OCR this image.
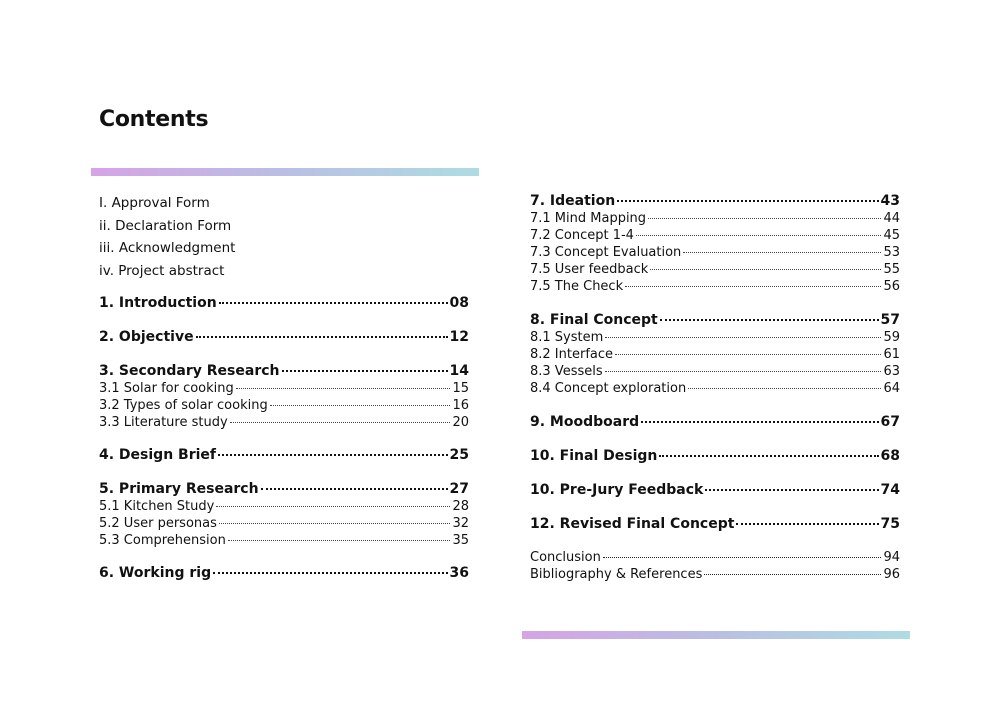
Contents
I. Approval Form
ii. Declaration Form
iii. Acknowledgment
iv. Project abstract
1. Introduction	08
2. Objective	12
3. Secondary Research	14
3.1 Solar for cooking	15
3.2 Types of solar cooking	16
3.3 Literature study	20
4. Design Brief	25
5. Primary Research	27
5.1 Kitchen Study	28
5.2 User personas	32
5.3 Comprehension	35
6. Working rig	36
7. Ideation	43
7.1 Mind Mapping	44
7.2 Concept 1-4	45
7.3 Concept Evaluation	53
7.5 User feedback	55
7.5 The Check	56
8. Final Concept	57
8.1 System	59
8.2 Interface	61
8.3 Vessels	63
8.4 Concept exploration	64
9. Moodboard	67
10. Final Design	68
10. Pre-Jury Feedback	74
12. Revised Final Concept	75
Conclusion	94
Bibliography & References	96
